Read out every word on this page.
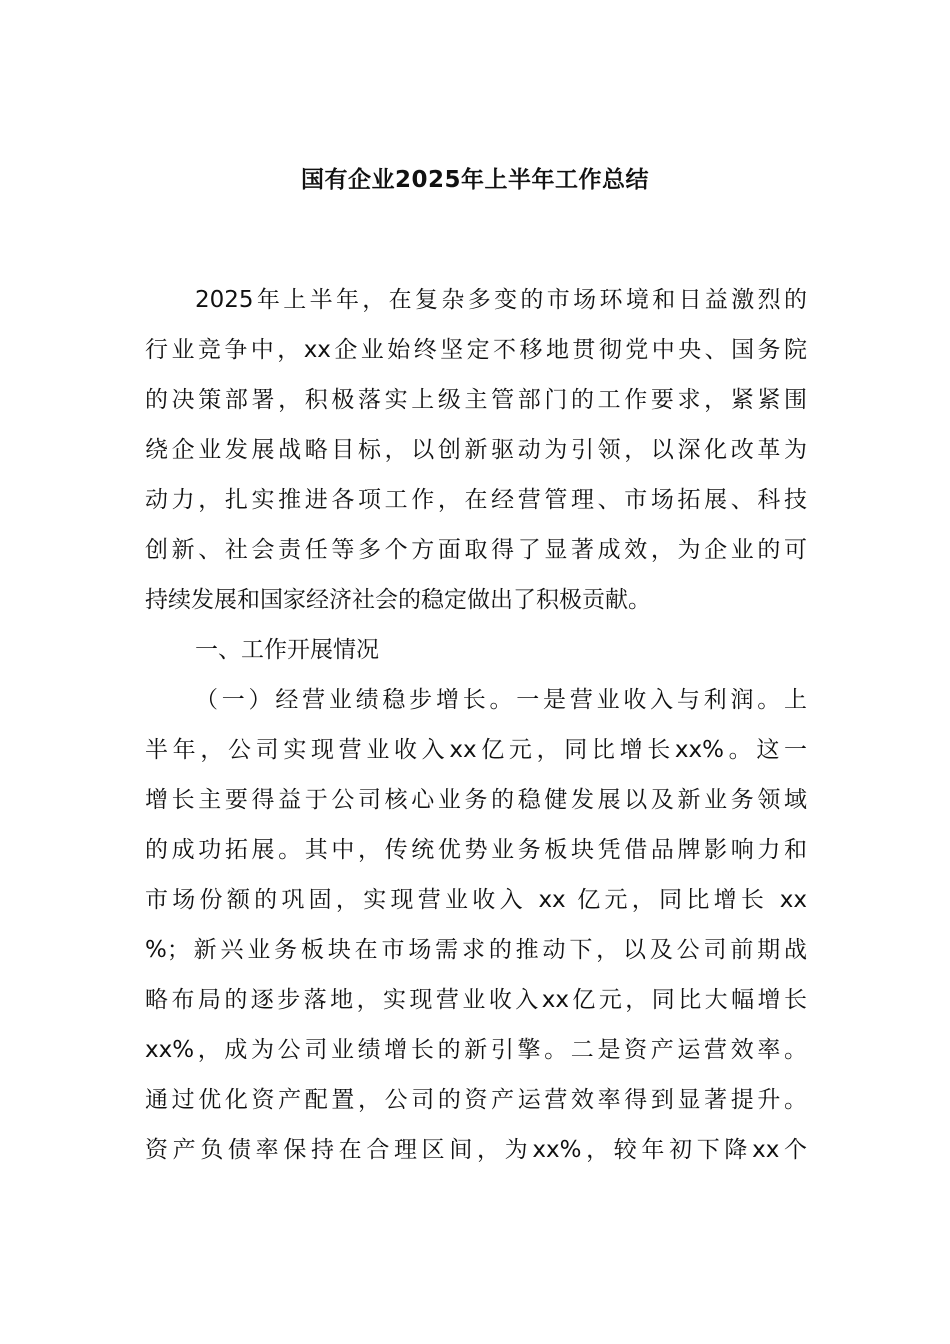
国有企业2025年上半年工作总结
2025年上半年，在复杂多变的市场环境和日益激烈的
行业竞争中，xx企业始终坚定不移地贯彻党中央、国务院
的决策部署，积极落实上级主管部门的工作要求，紧紧围
绕企业发展战略目标，以创新驱动为引领，以深化改革为
动力，扎实推进各项工作，在经营管理、市场拓展、科技
创新、社会责任等多个方面取得了显著成效，为企业的可
持续发展和国家经济社会的稳定做出了积极贡献。
一、工作开展情况
（一）经营业绩稳步增长。一是营业收入与利润。上
半年，公司实现营业收入xx亿元，同比增长xx%。这一
增长主要得益于公司核心业务的稳健发展以及新业务领域
的成功拓展。其中，传统优势业务板块凭借品牌影响力和
市场份额的巩固，实现营业收入 xx 亿元，同比增长 xx
%；新兴业务板块在市场需求的推动下，以及公司前期战
略布局的逐步落地，实现营业收入xx亿元，同比大幅增长
xx%，成为公司业绩增长的新引擎。二是资产运营效率。
通过优化资产配置，公司的资产运营效率得到显著提升。
资产负债率保持在合理区间，为xx%，较年初下降xx个
